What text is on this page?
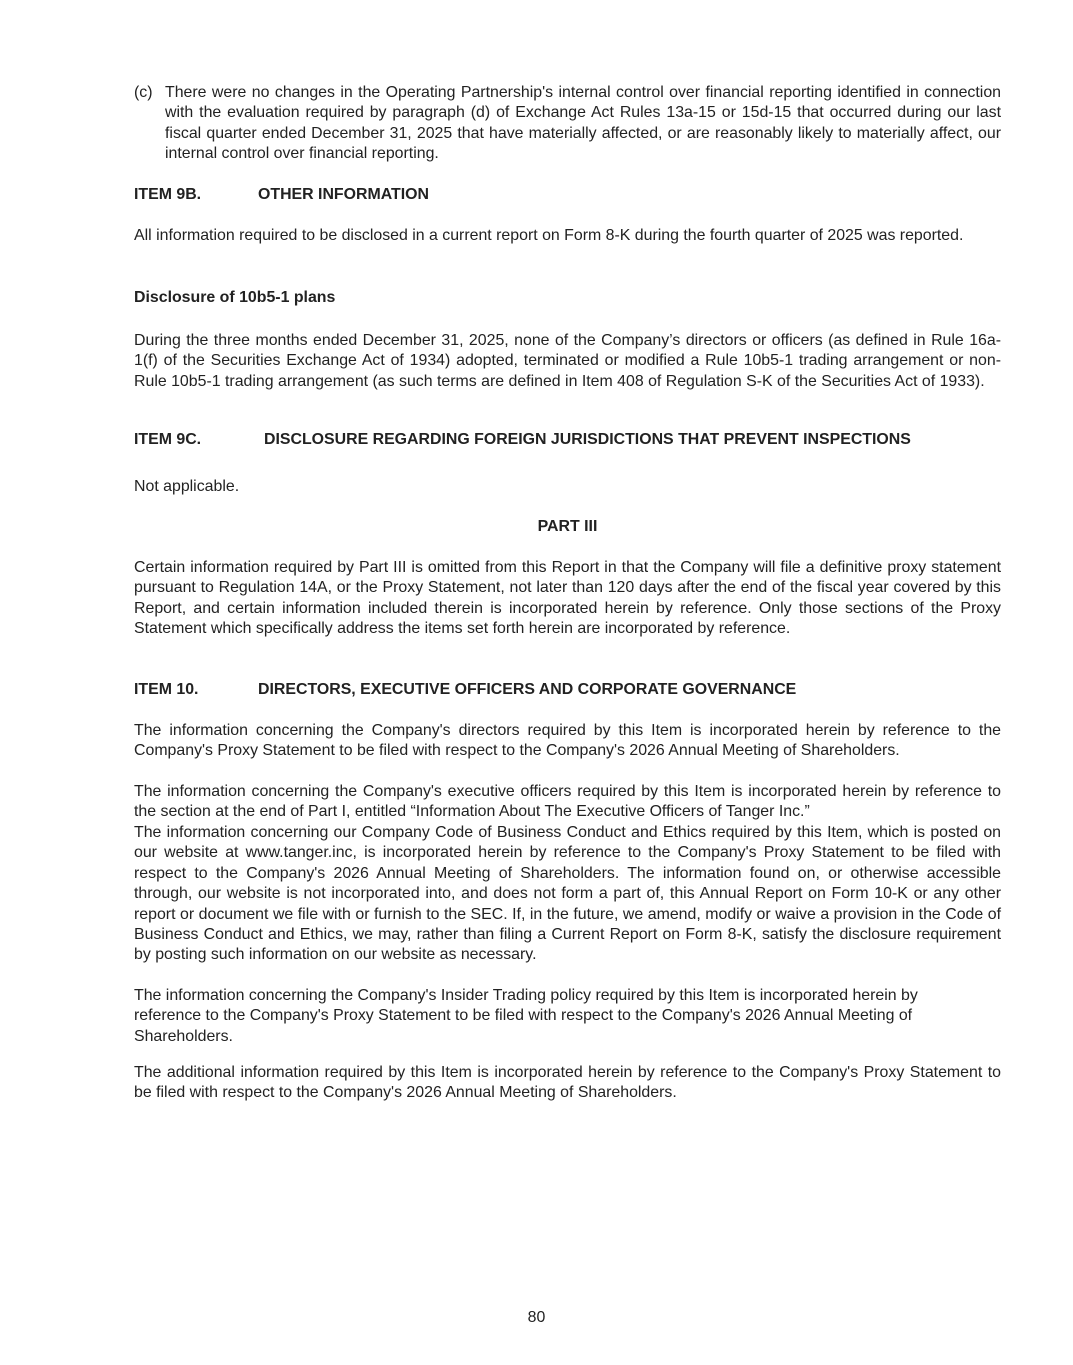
(c) There were no changes in the Operating Partnership's internal control over financial reporting identified in connection with the evaluation required by paragraph (d) of Exchange Act Rules 13a-15 or 15d-15 that occurred during our last fiscal quarter ended December 31, 2025 that have materially affected, or are reasonably likely to materially affect, our internal control over financial reporting.
ITEM 9B.	OTHER INFORMATION

All information required to be disclosed in a current report on Form 8-K during the fourth quarter of 2025 was reported.

Disclosure of 10b5-1 plans

During the three months ended December 31, 2025, none of the Company’s directors or officers (as defined in Rule 16a-1(f) of the Securities Exchange Act of 1934) adopted, terminated or modified a Rule 10b5-1 trading arrangement or non-Rule 10b5-1 trading arrangement (as such terms are defined in Item 408 of Regulation S-K of the Securities Act of 1933).

ITEM 9C.	DISCLOSURE REGARDING FOREIGN JURISDICTIONS THAT PREVENT INSPECTIONS

Not applicable.

PART III

Certain information required by Part III is omitted from this Report in that the Company will file a definitive proxy statement pursuant to Regulation 14A, or the Proxy Statement, not later than 120 days after the end of the fiscal year covered by this Report, and certain information included therein is incorporated herein by reference. Only those sections of the Proxy Statement which specifically address the items set forth herein are incorporated by reference.

ITEM 10.	DIRECTORS, EXECUTIVE OFFICERS AND CORPORATE GOVERNANCE

The information concerning the Company's directors required by this Item is incorporated herein by reference to the Company's Proxy Statement to be filed with respect to the Company's 2026 Annual Meeting of Shareholders.

The information concerning the Company's executive officers required by this Item is incorporated herein by reference to the section at the end of Part I, entitled “Information About The Executive Officers of Tanger Inc.”

The information concerning our Company Code of Business Conduct and Ethics required by this Item, which is posted on our website at www.tanger.inc, is incorporated herein by reference to the Company's Proxy Statement to be filed with respect to the Company's 2026 Annual Meeting of Shareholders. The information found on, or otherwise accessible through, our website is not incorporated into, and does not form a part of, this Annual Report on Form 10-K or any other report or document we file with or furnish to the SEC. If, in the future, we amend, modify or waive a provision in the Code of Business Conduct and Ethics, we may, rather than filing a Current Report on Form 8-K, satisfy the disclosure requirement by posting such information on our website as necessary.

The information concerning the Company's Insider Trading policy required by this Item is incorporated herein by
reference to the Company's Proxy Statement to be filed with respect to the Company's 2026 Annual Meeting of
Shareholders.

The additional information required by this Item is incorporated herein by reference to the Company's Proxy Statement to be filed with respect to the Company's 2026 Annual Meeting of Shareholders.

80
